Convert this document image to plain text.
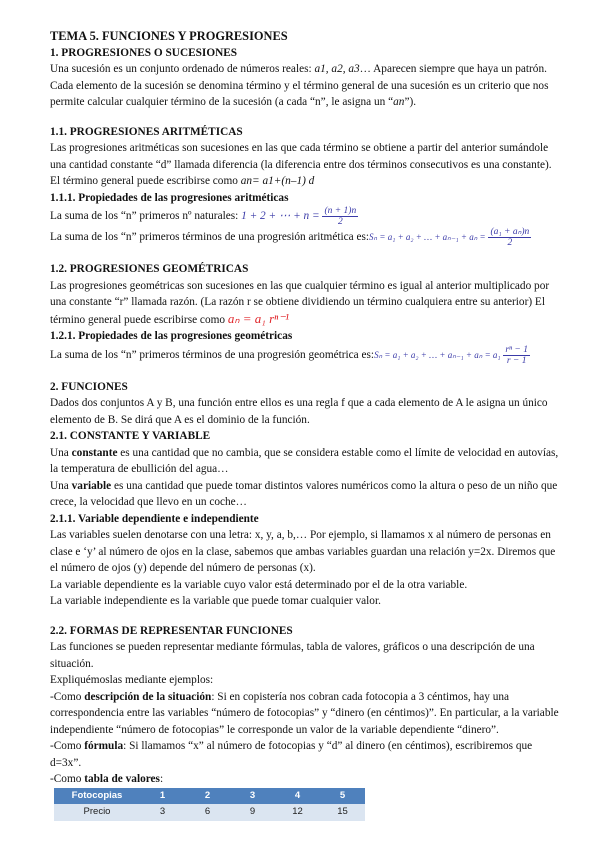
TEMA 5. FUNCIONES Y PROGRESIONES

1. PROGRESIONES O SUCESIONES

Una sucesión es un conjunto ordenado de números reales: a1, a2, a3… Aparecen siempre que haya un patrón. Cada elemento de la sucesión se denomina término y el término general de una sucesión es un criterio que nos permite calcular cualquier término de la sucesión (a cada “n”, le asigna un “an”).

1.1. PROGRESIONES ARITMÉTICAS

Las progresiones aritméticas son sucesiones en las que cada término se obtiene a partir del anterior sumándole una cantidad constante “d” llamada diferencia (la diferencia entre dos términos consecutivos es una constante). El término general puede escribirse como an= a1+(n–1) d

1.1.1. Propiedades de las progresiones aritméticas

La suma de los “n” primeros nº naturales: 1 + 2 + ⋯ + $n = \frac{(n + 1)n}{2}$

La suma de los “n” primeros términos de una progresión aritmética es:Sₙ = a₁ + a₂ + … + $a_{n-1} + a_n = \frac{\text{(a₁ + aₙ)n}}{2}$

1.2. PROGRESIONES GEOMÉTRICAS

Las progresiones geométricas son sucesiones en las que cualquier término es igual al anterior multiplicado por una constante “r” llamada razón. (La razón r se obtiene dividiendo un término cualquiera entre su anterior) El término general puede escribirse como aₙ = a₁ rⁿ⁻¹

1.2.1. Propiedades de las progresiones geométricas

La suma de los “n” primeros términos de una progresión geométrica es:Sₙ = a₁ + a₂ + … + $a_{n-1} + a_n = a_1 \frac{\text{rⁿ − 1}}{r - 1}$

2. FUNCIONES

Dados dos conjuntos A y B, una función entre ellos es una regla f que a cada elemento de A le asigna un único elemento de B. Se dirá que A es el dominio de la función.

2.1. CONSTANTE Y VARIABLE

Una constante es una cantidad que no cambia, que se considera estable como el límite de velocidad en autovías, la temperatura de ebullición del agua…

Una variable es una cantidad que puede tomar distintos valores numéricos como la altura o peso de un niño que crece, la velocidad que llevo en un coche…

2.1.1. Variable dependiente e independiente

Las variables suelen denotarse con una letra: x, y, a, b,… Por ejemplo, si llamamos x al número de personas en clase e ‘y’ al número de ojos en la clase, sabemos que ambas variables guardan una relación y=2x. Diremos que el número de ojos (y) depende del número de personas (x).

La variable dependiente es la variable cuyo valor está determinado por el de la otra variable.

La variable independiente es la variable que puede tomar cualquier valor.

2.2. FORMAS DE REPRESENTAR FUNCIONES

Las funciones se pueden representar mediante fórmulas, tabla de valores, gráficos o una descripción de una situación.

Expliquémoslas mediante ejemplos:

-Como descripción de la situación: Si en copistería nos cobran cada fotocopia a 3 céntimos, hay una correspondencia entre las variables “número de fotocopias” y “dinero (en céntimos)”. En particular, a la variable independiente “número de fotocopias” le corresponde un valor de la variable dependiente “dinero”.

-Como fórmula: Si llamamos “x” al número de fotocopias y “d” al dinero (en céntimos), escribiremos que d=3x”.

-Como tabla de valores:

Fotocopias	1	2	3	4	5
Precio	3	6	9	12	15
